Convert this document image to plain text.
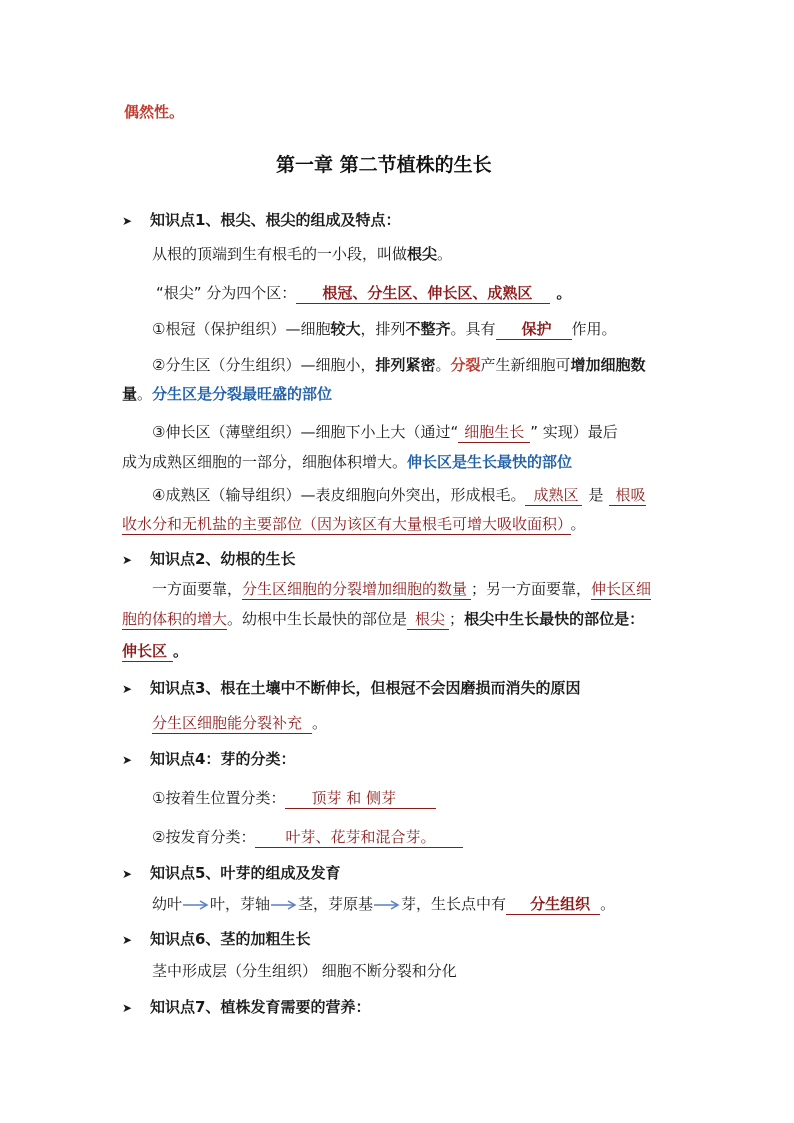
偶然性。
第一章 第二节植株的生长
➤ 知识点1、根尖、根尖的组成及特点：
从根的顶端到生有根毛的一小段，叫做根尖。
“根尖” 分为四个区： 根冠、分生区、伸长区、成熟区 。
①根冠（保护组织）—细胞较大，排列不整齐。具有 保护 作用。
②分生区（分生组织）—细胞小，排列紧密。分裂产生新细胞可增加细胞数
量。分生区是分裂最旺盛的部位
③伸长区（薄壁组织）—细胞下小上大（通过“ 细胞生长 ” 实现）最后
成为成熟区细胞的一部分，细胞体积增大。伸长区是生长最快的部位
④成熟区（输导组织）—表皮细胞向外突出，形成根毛。 成熟区 是 根吸
收水分和无机盐的主要部位（因为该区有大量根毛可增大吸收面积） 。
➤ 知识点2、幼根的生长
一方面要靠，分生区细胞的分裂增加细胞的数量 ；另一方面要靠，伸长区细
胞的体积的增大。幼根中生长最快的部位是 根尖 ；根尖中生长最快的部位是：
伸长区 。
➤ 知识点3、根在土壤中不断伸长，但根冠不会因磨损而消失的原因
分生区细胞能分裂补充 。
➤ 知识点4：芽的分类：
①按着生位置分类： 顶芽 和 侧芽
②按发育分类： 叶芽、花芽和混合芽。
➤ 知识点5、叶芽的组成及发育
幼叶 叶，芽轴 茎，芽原基 芽，生长点中有 分生组织 。
➤ 知识点6、茎的加粗生长
茎中形成层（分生组织） 细胞不断分裂和分化
➤ 知识点7、植株发育需要的营养：
